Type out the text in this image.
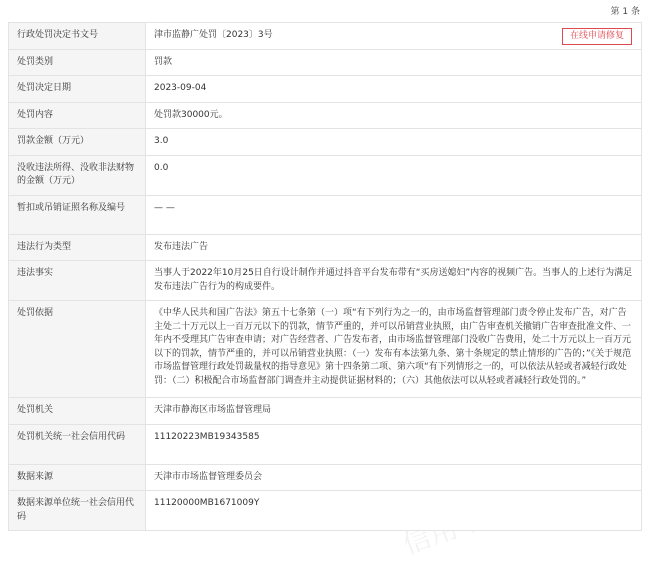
第 1 条
行政处罚决定书文号	津市监静广处罚〔2023〕3号 在线申请修复

处罚类别	罚款
处罚决定日期	2023-09-04
处罚内容	处罚款30000元。
罚款金额（万元）	3.0
没收违法所得、没收非法财物的金额（万元）	0.0
暂扣或吊销证照名称及编号	— —
违法行为类型	发布违法广告
违法事实	当事人于2022年10月25日自行设计制作并通过抖音平台发布带有“买房送媳妇”内容的视频广告。当事人的上述行为满足发布违法广告行为的构成要件。
处罚依据	《中华人民共和国广告法》第五十七条第（一）项“有下列行为之一的，由市场监督管理部门责令停止发布广告，对广告主处二十万元以上一百万元以下的罚款，情节严重的，并可以吊销营业执照，由广告审查机关撤销广告审查批准文件、一年内不受理其广告审查申请；对广告经营者、广告发布者，由市场监督管理部门没收广告费用，处二十万元以上一百万元以下的罚款，情节严重的，并可以吊销营业执照：（一）发布有本法第九条、第十条规定的禁止情形的广告的；”《关于规范市场监督管理行政处罚裁量权的指导意见》第十四条第二项、第六项“有下列情形之一的，可以依法从轻或者减轻行政处罚：（二）积极配合市场监督部门调查并主动提供证据材料的；（六）其他依法可以从轻或者减轻行政处罚的。”
处罚机关	天津市静海区市场监督管理局
处罚机关统一社会信用代码	11120223MB19343585
数据来源	天津市市场监督管理委员会
数据来源单位统一社会信用代码	11120000MB1671009Y
